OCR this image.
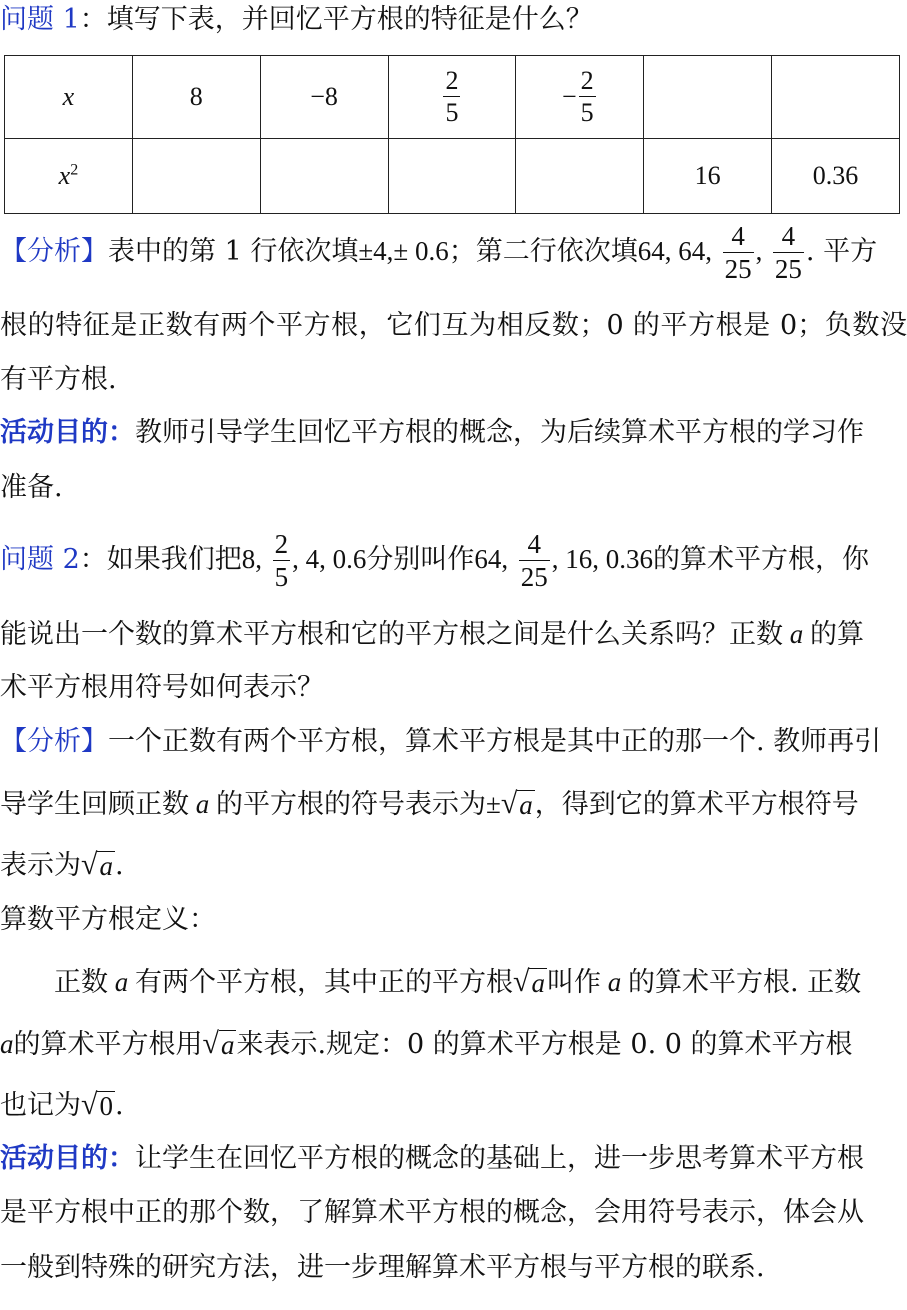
问题 1：填写下表，并回忆平方根的特征是什么？
x	8	−8	$\frac{2}{5}$	− $\frac{2}{5}$

$x^2$					16	0.36
【分析】表中的第 1 行依次填±4,± 0.6；第二行依次填64, 64, $\frac{4}{25}$ , $\frac{4}{25}$ . 平方
根的特征是正数有两个平方根，它们互为相反数；0 的平方根是 0；负数没
有平方根.
活动目的：教师引导学生回忆平方根的概念，为后续算术平方根的学习作
准备.
问题 2：如果我们把8, $\frac{2}{5}$ , 4, 0.6分别叫作64, $\frac{4}{25}$ , 16, 0.36的算术平方根，你
能说出一个数的算术平方根和它的平方根之间是什么关系吗？正数 a 的算
术平方根用符号如何表示？
【分析】一个正数有两个平方根，算术平方根是其中正的那一个. 教师再引
导学生回顾正数 a 的平方根的符号表示为± √ a ，得到它的算术平方根符号
表示为 √ a .
算数平方根定义：
正数 a 有两个平方根，其中正的平方根 √ a 叫作 a 的算术平方根. 正数
a的算术平方根用 √ a 来表示.规定：0 的算术平方根是 0. 0 的算术平方根
也记为 √ 0 .
活动目的：让学生在回忆平方根的概念的基础上，进一步思考算术平方根
是平方根中正的那个数，了解算术平方根的概念，会用符号表示，体会从
一般到特殊的研究方法，进一步理解算术平方根与平方根的联系.
